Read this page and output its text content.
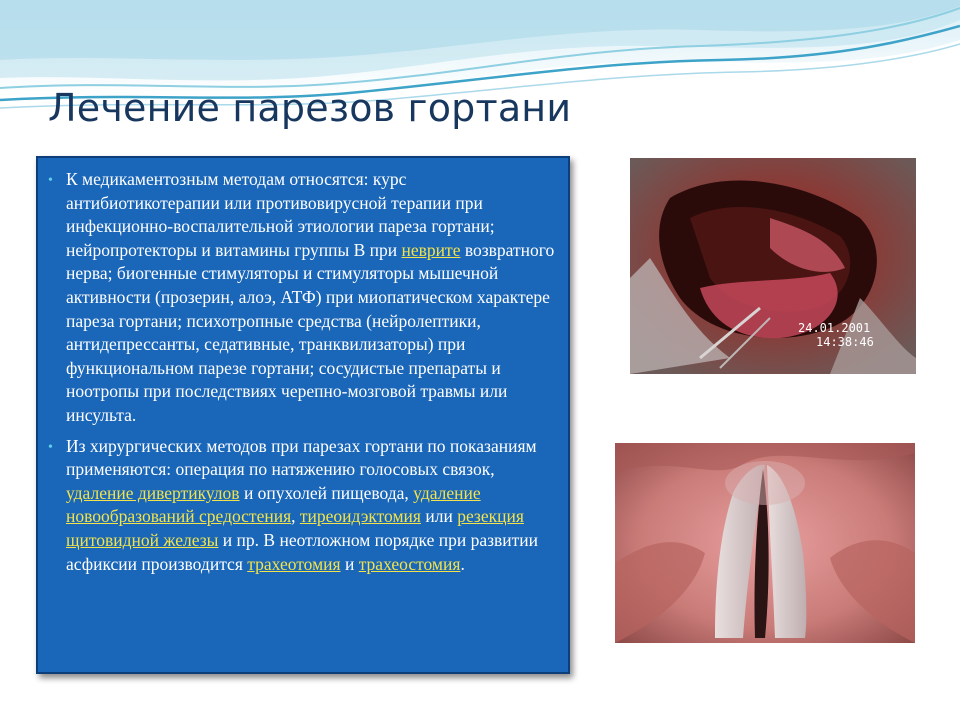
Лечение парезов гортани

• К медикаментозным методам относятся: курс антибиотикотерапии или противовирусной терапии при инфекционно-воспалительной этиологии пареза гортани; нейропротекторы и витамины группы В при неврите возвратного нерва; биогенные стимуляторы и стимуляторы мышечной активности (прозерин, алоэ, АТФ) при миопатическом характере пареза гортани; психотропные средства (нейролептики, антидепрессанты, седативные, транквилизаторы) при функциональном парезе гортани; сосудистые препараты и ноотропы при последствиях черепно-мозговой травмы или инсульта.

• Из хирургических методов при парезах гортани по показаниям применяются: операция по натяжению голосовых связок, удаление дивертикулов и опухолей пищевода, удаление новообразований средостения, тиреоидэктомия или резекция щитовидной железы и пр. В неотложном порядке при развитии асфиксии производится трахеотомия и трахеостомия.

24.01.2001
14:38:46
